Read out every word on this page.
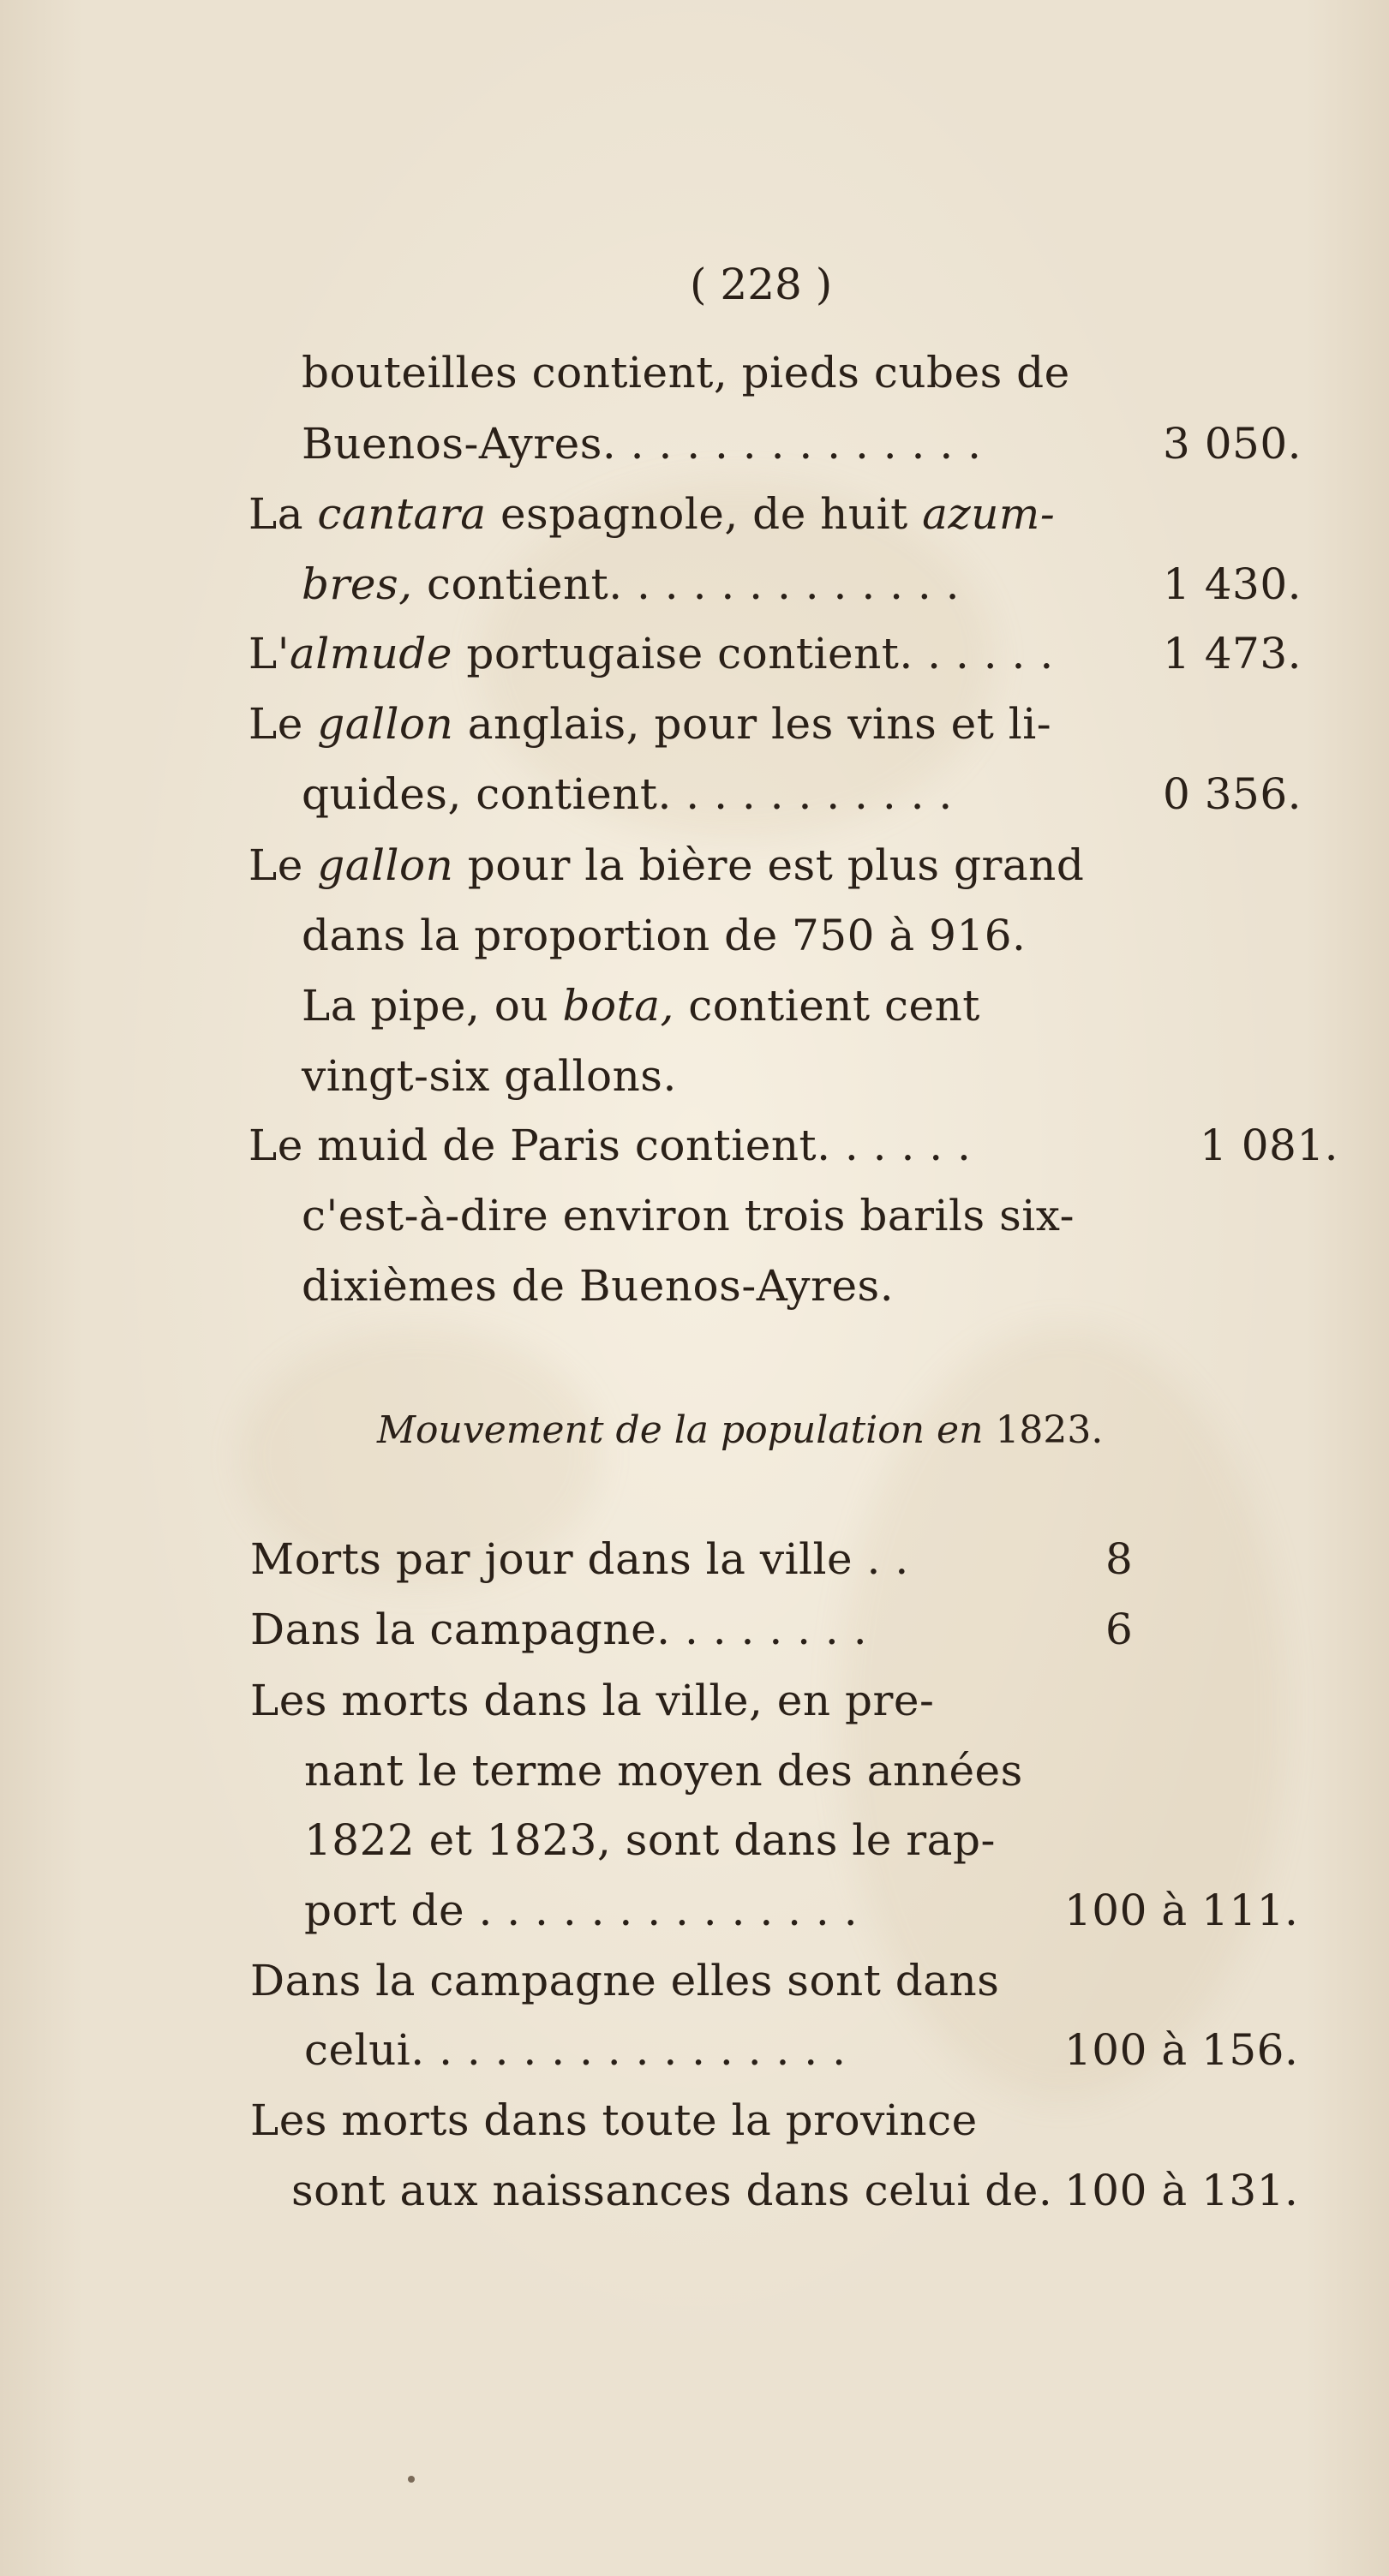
( 228 )
bouteilles contient, pieds cubes de
Buenos-Ayres. . . . . . . . . . . . . .	3 050.
La cantara espagnole, de huit azum-
bres, contient. . . . . . . . . . . . .	1 430.
L'almude portugaise contient. . . . . .	1 473.
Le gallon anglais, pour les vins et li-
quides, contient. . . . . . . . . . .	0 356.
Le gallon pour la bière est plus grand
dans la proportion de 750 à 916.
La pipe, ou bota, contient cent
vingt-six gallons.
Le muid de Paris contient. . . . . .	1 081.
c'est-à-dire environ trois barils six-
dixièmes de Buenos-Ayres.
Mouvement de la population en 1823.
Morts par jour dans la ville . .	8
Dans la campagne. . . . . . . .	6
Les morts dans la ville, en pre-
nant le terme moyen des années
1822 et 1823, sont dans le rap-
port de . . . . . . . . . . . . . .	100 à 111.
Dans la campagne elles sont dans
celui. . . . . . . . . . . . . . . .	100 à 156.
Les morts dans toute la province
sont aux naissances dans celui de. 100 à 131.
